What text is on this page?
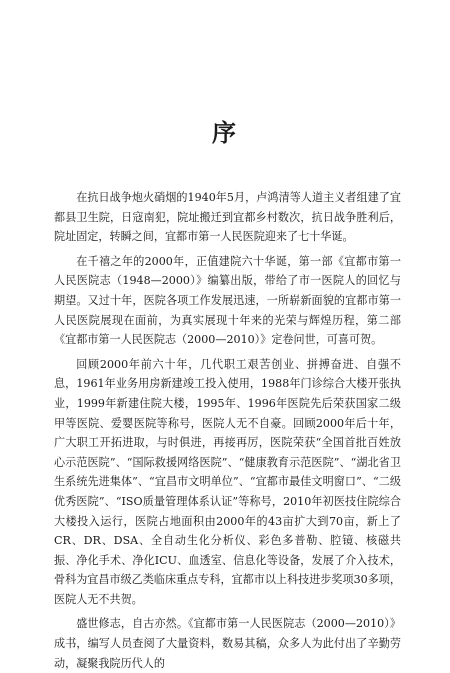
序

在抗日战争炮火硝烟的1940年5月，卢鸿清等人道主义者组建了宜都县卫生院，日寇南犯，院址搬迁到宜都乡村数次，抗日战争胜利后，院址固定，转瞬之间，宜都市第一人民医院迎来了七十华诞。

在千禧之年的2000年，正值建院六十华诞，第一部《宜都市第一人民医院志（1948—2000）》编纂出版，带给了市一医院人的回忆与期望。又过十年，医院各项工作发展迅速，一所崭新面貌的宜都市第一人民医院展现在面前，为真实展现十年来的光荣与辉煌历程，第二部《宜都市第一人民医院志（2000—2010）》定卷问世，可喜可贺。

回顾2000年前六十年，几代职工艰苦创业、拼搏奋进、自强不息，1961年业务用房新建竣工投入使用，1988年门诊综合大楼开张执业，1999年新建住院大楼，1995年、1996年医院先后荣获国家二级甲等医院、爱婴医院等称号，医院人无不自豪。回顾2000年后十年，广大职工开拓进取，与时俱进，再接再厉，医院荣获“全国首批百姓放心示范医院”、“国际救援网络医院”、“健康教育示范医院”、“湖北省卫生系统先进集体”、“宜昌市文明单位”、“宜都市最佳文明窗口”、“二级优秀医院”、“ISO质量管理体系认证”等称号，2010年初医技住院综合大楼投入运行，医院占地面积由2000年的43亩扩大到70亩，新上了CR、DR、DSA、全自动生化分析仪、彩色多普勒、腔镜、核磁共振、净化手术、净化ICU、血透室、信息化等设备，发展了介入技术，骨科为宜昌市级乙类临床重点专科，宜都市以上科技进步奖项30多项，医院人无不共贺。

盛世修志，自古亦然。《宜都市第一人民医院志（2000—2010）》成书，编写人员查阅了大量资料，数易其稿，众多人为此付出了辛勤劳动，凝聚我院历代人的
